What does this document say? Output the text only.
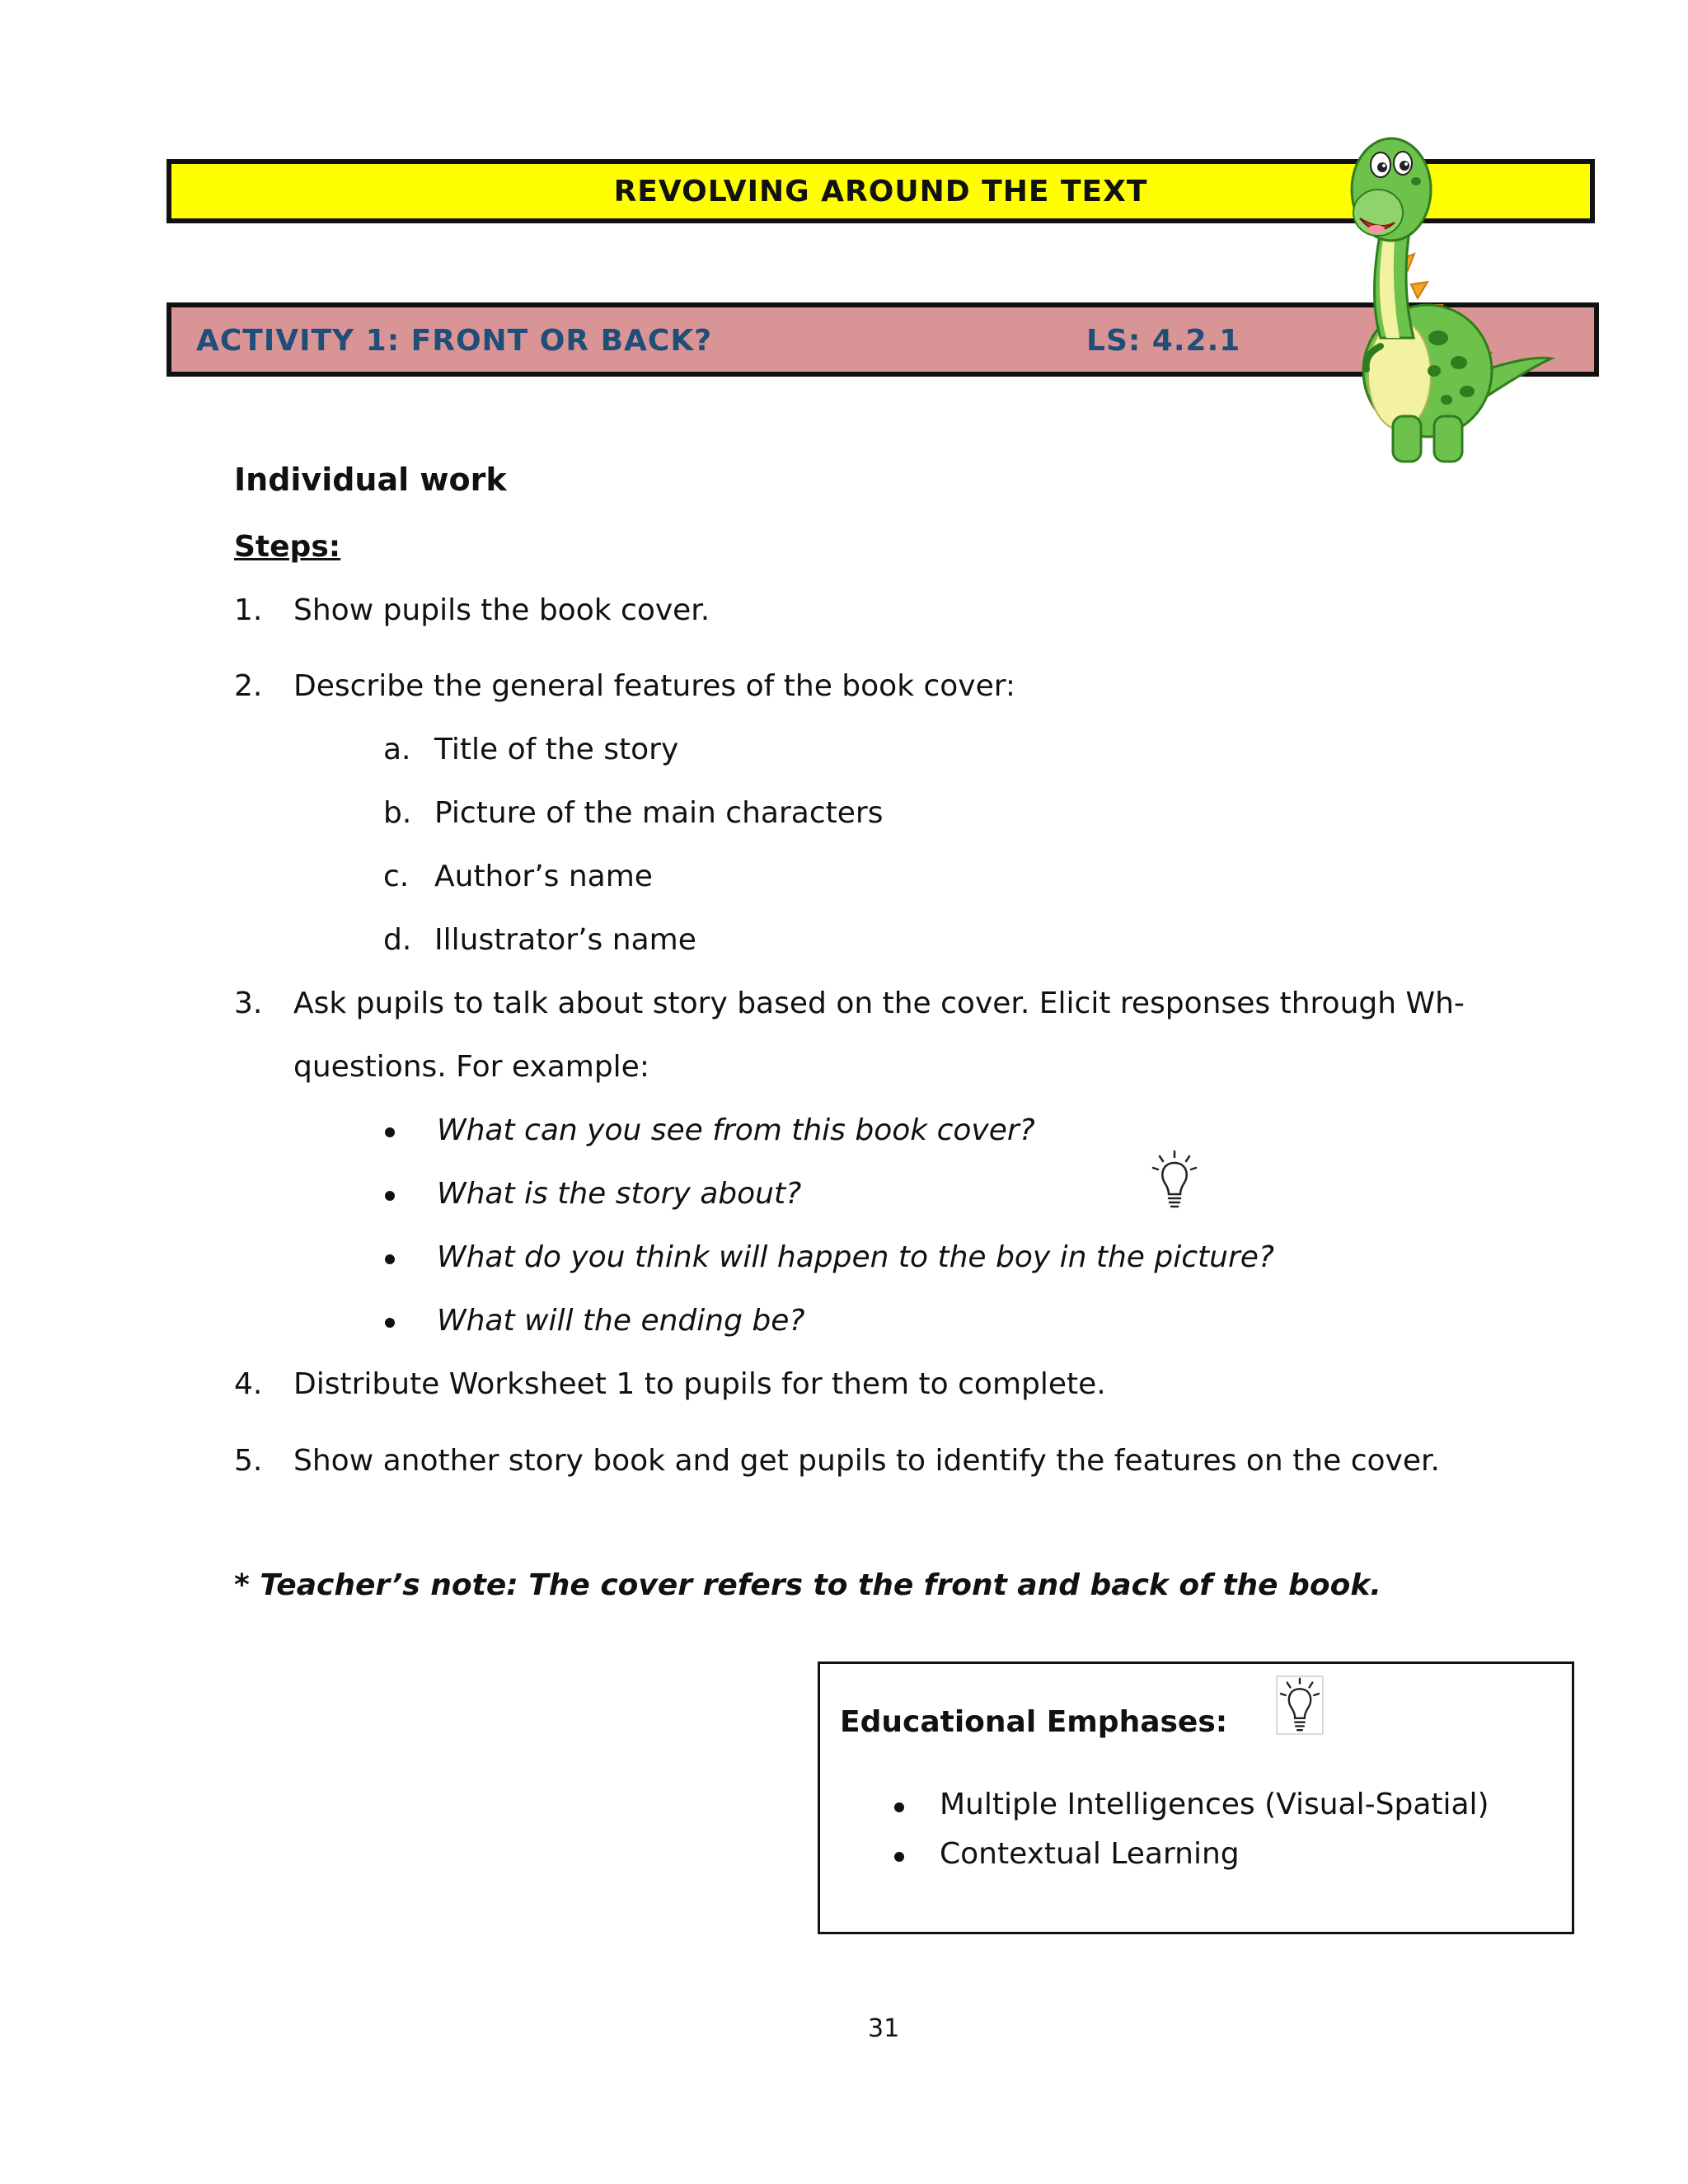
REVOLVING AROUND THE TEXT
ACTIVITY 1: FRONT OR BACK?	LS: 4.2.1
Individual work
Steps:
1. Show pupils the book cover.
2. Describe the general features of the book cover:
a. Title of the story
b. Picture of the main characters
c. Author’s name
d. Illustrator’s name
3. Ask pupils to talk about story based on the cover. Elicit responses through Wh-
questions. For example:
What can you see from this book cover?
What is the story about?
What do you think will happen to the boy in the picture?
What will the ending be?
4. Distribute Worksheet 1 to pupils for them to complete.
5. Show another story book and get pupils to identify the features on the cover.
* Teacher’s note: The cover refers to the front and back of the book.
Educational Emphases:
Multiple Intelligences (Visual-Spatial)
Contextual Learning
31
